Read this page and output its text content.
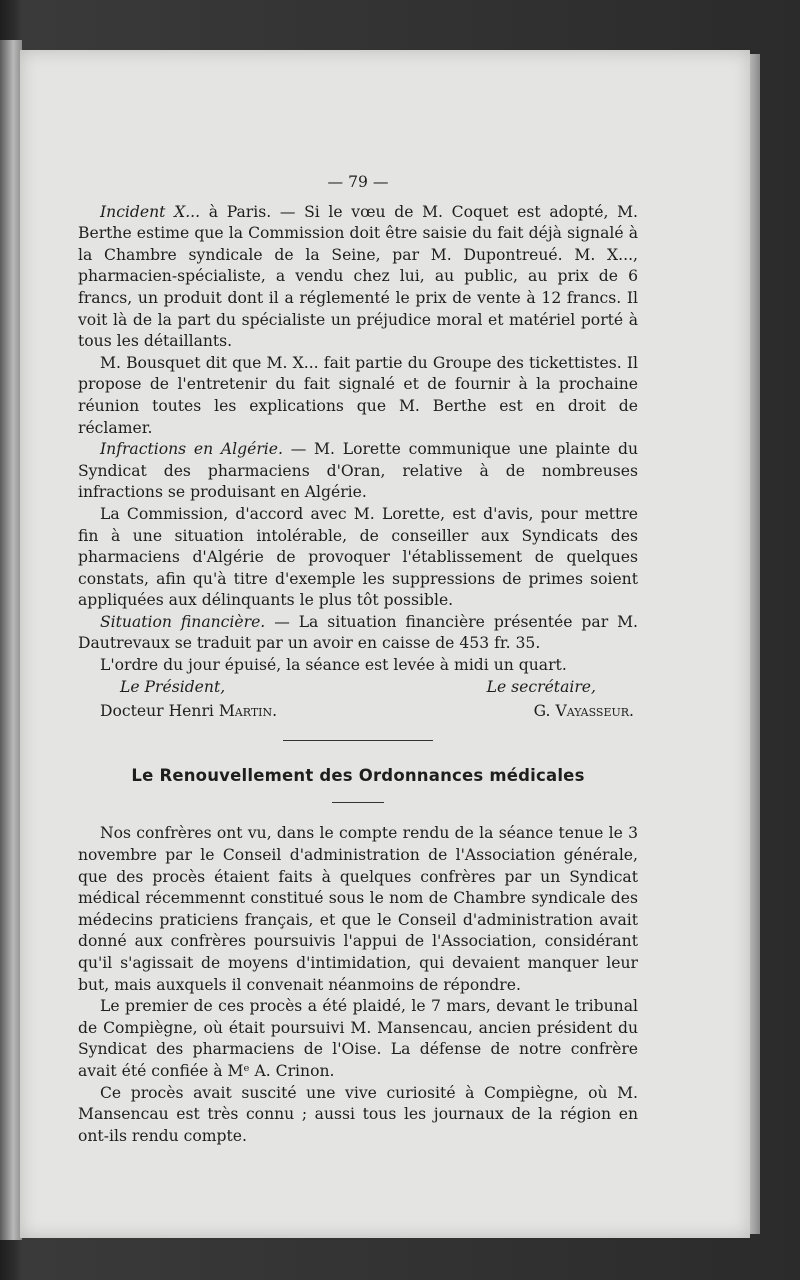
— 79 —

Incident X... à Paris. — Si le vœu de M. Coquet est adopté, M. Berthe estime que la Commission doit être saisie du fait déjà signalé à la Chambre syndicale de la Seine, par M. Dupontreué. M. X..., pharmacien-spécialiste, a vendu chez lui, au public, au prix de 6 francs, un produit dont il a réglementé le prix de vente à 12 francs. Il voit là de la part du spécialiste un préjudice moral et matériel porté à tous les détaillants.

M. Bousquet dit que M. X... fait partie du Groupe des tickettistes. Il propose de l'entretenir du fait signalé et de fournir à la prochaine réunion toutes les explications que M. Berthe est en droit de réclamer.

Infractions en Algérie. — M. Lorette communique une plainte du Syndicat des pharmaciens d'Oran, relative à de nombreuses infractions se produisant en Algérie.

La Commission, d'accord avec M. Lorette, est d'avis, pour mettre fin à une situation intolérable, de conseiller aux Syndicats des pharmaciens d'Algérie de provoquer l'établissement de quelques constats, afin qu'à titre d'exemple les suppressions de primes soient appliquées aux délinquants le plus tôt possible.

Situation financière. — La situation financière présentée par M. Dautrevaux se traduit par un avoir en caisse de 453 fr. 35.

L'ordre du jour épuisé, la séance est levée à midi un quart.

Le Président,	Le secrétaire,
Docteur Henri Martin.	G. Vayasseur.
Le Renouvellement des Ordonnances médicales

Nos confrères ont vu, dans le compte rendu de la séance tenue le 3 novembre par le Conseil d'administration de l'Association générale, que des procès étaient faits à quelques confrères par un Syndicat médical récemmennt constitué sous le nom de Chambre syndicale des médecins praticiens français, et que le Conseil d'administration avait donné aux confrères poursuivis l'appui de l'Association, considérant qu'il s'agissait de moyens d'intimidation, qui devaient manquer leur but, mais auxquels il convenait néanmoins de répondre.

Le premier de ces procès a été plaidé, le 7 mars, devant le tribunal de Compiègne, où était poursuivi M. Mansencau, ancien président du Syndicat des pharmaciens de l'Oise. La défense de notre confrère avait été confiée à Mᵉ A. Crinon.

Ce procès avait suscité une vive curiosité à Compiègne, où M. Mansencau est très connu ; aussi tous les journaux de la région en ont-ils rendu compte.
